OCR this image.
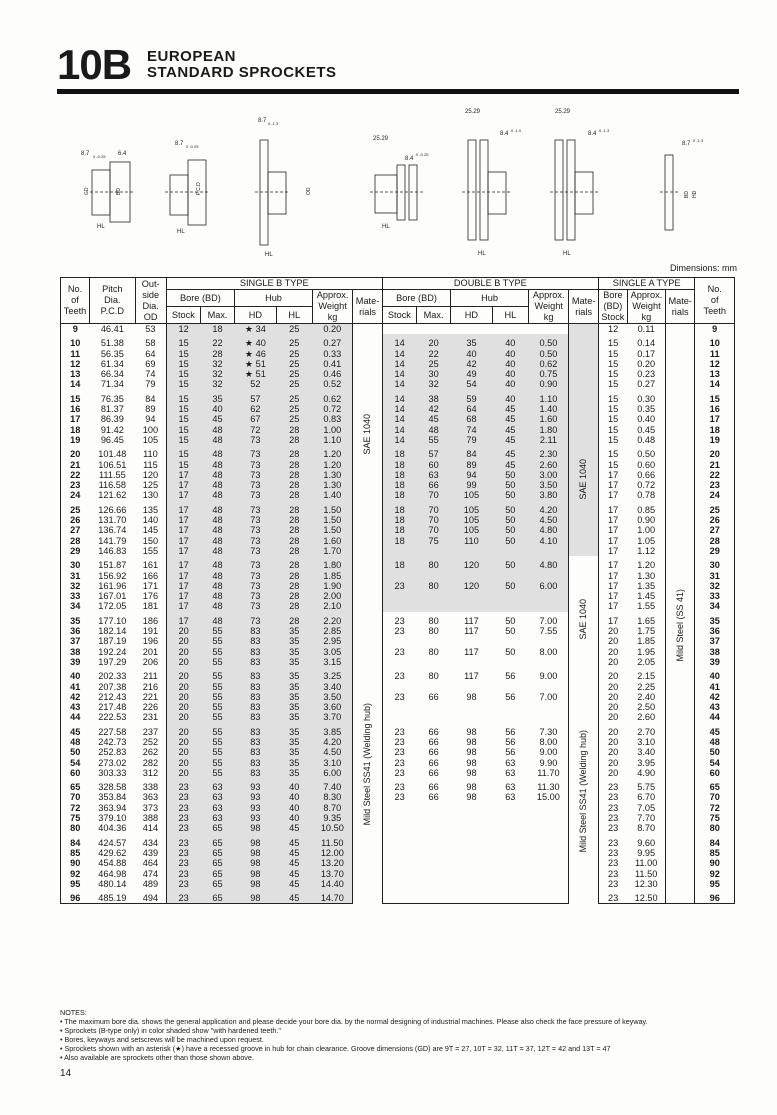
10B EUROPEAN
STANDARD SPROCKETS
8.7 0 -0.25 6.4
HL
BD
GD
8.7 0 -0.25
HL
P.C.D
8.7 0 -1.3
HL
OD
25.29
8.4
0 -0.25
HL
25.29
8.4
0 -1.0
HL
25.29
8.4
0 -1.3
HL
8.7
0 -1.3
BD HD
Dimensions: mm
No.
of
Teeth	Pitch
Dia.
P.C.D	Out-
side
Dia.
OD	SINGLE B TYPE						DOUBLE B TYPE						SINGLE A TYPE			No.
of
Teeth
			Bore (BD)		Hub		Approx.
Weight
kg	Mate-
rials	Bore (BD)		Hub		Approx.
Weight
kg	Mate-
rials	Bore
(BD)
Stock	Approx.
Weight
kg	Mate-
rials	
			Stock	Max.	HD	HL			Stock	Max.	HD	HL						
9	46.41	53	12	18	★ 34	25	0.20	SAE 1040							12	0.11		9
10	51.38	58	15	22	★ 40	25	0.27		14	20	35	40	0.50		15	0.14		10
11	56.35	64	15	28	★ 46	25	0.33		14	22	40	40	0.50		15	0.17		11
12	61.34	69	15	32	★ 51	25	0.41		14	25	42	40	0.62		15	0.20		12
13	66.34	74	15	32	★ 51	25	0.46		14	30	49	40	0.75		15	0.23		13
14	71.34	79	15	32	52	25	0.52		14	32	54	40	0.90		15	0.27		14
15	76.35	84	15	35	57	25	0.62		14	38	59	40	1.10		15	0.30		15
16	81.37	89	15	40	62	25	0.72		14	42	64	45	1.40	SAE 1040	15	0.35		16
17	86.39	94	15	45	67	25	0.83		14	45	68	45	1.60		15	0.40		17
18	91.42	100	15	48	72	28	1.00		14	48	74	45	1.80		15	0.45		18
19	96.45	105	15	48	73	28	1.10		14	55	79	45	2.11		15	0.48		19
20	101.48	110	15	48	73	28	1.20		18	57	84	45	2.30		15	0.50		20
21	106.51	115	15	48	73	28	1.20		18	60	89	45	2.60		15	0.60		21
22	111.55	120	17	48	73	28	1.30		18	63	94	50	3.00		17	0.66		22
23	116.58	125	17	48	73	28	1.30		18	66	99	50	3.50		17	0.72		23
24	121.62	130	17	48	73	28	1.40		18	70	105	50	3.80		17	0.78		24
25	126.66	135	17	48	73	28	1.50		18	70	105	50	4.20		17	0.85		25
26	131.70	140	17	48	73	28	1.50		18	70	105	50	4.50		17	0.90		26
27	136.74	145	17	48	73	28	1.50		18	70	105	50	4.80		17	1.00		27
28	141.79	150	17	48	73	28	1.60		18	75	110	50	4.10		17	1.05		28
29	146.83	155	17	48	73	28	1.70								17	1.12		29
30	151.87	161	17	48	73	28	1.80		18	80	120	50	4.80	SAE 1040	17	1.20	Mild Steel (SS 41)	30
31	156.92	166	17	48	73	28	1.85								17	1.30		31
32	161.96	171	17	48	73	28	1.90		23	80	120	50	6.00		17	1.35		32
33	167.01	176	17	48	73	28	2.00								17	1.45		33
34	172.05	181	17	48	73	28	2.10								17	1.55		34
35	177.10	186	17	48	73	28	2.20		23	80	117	50	7.00		17	1.65		35
36	182.14	191	20	55	83	35	2.85	Mild Steel SS41 (Welding hub)	23	80	117	50	7.55		20	1.75		36
37	187.19	196	20	55	83	35	2.95								20	1.85		37
38	192.24	201	20	55	83	35	3.05		23	80	117	50	8.00		20	1.95		38
39	197.29	206	20	55	83	35	3.15								20	2.05		39
40	202.33	211	20	55	83	35	3.25		23	80	117	56	9.00		20	2.15		40
41	207.38	216	20	55	83	35	3.40							Mild Steel SS41 (Welding hub)	20	2.25		41
42	212.43	221	20	55	83	35	3.50		23	66	98	56	7.00		20	2.40		42
43	217.48	226	20	55	83	35	3.60								20	2.50		43
44	222.53	231	20	55	83	35	3.70								20	2.60		44
45	227.58	237	20	55	83	35	3.85		23	66	98	56	7.30		20	2.70		45
48	242.73	252	20	55	83	35	4.20		23	66	98	56	8.00		20	3.10		48
50	252.83	262	20	55	83	35	4.50		23	66	98	56	9.00		20	3.40		50
54	273.02	282	20	55	83	35	3.10		23	66	98	63	9.90		20	3.95		54
60	303.33	312	20	55	83	35	6.00		23	66	98	63	11.70		20	4.90		60
65	328.58	338	23	63	93	40	7.40		23	66	98	63	11.30		23	5.75		65
70	353.84	363	23	63	93	40	8.30		23	66	98	63	15.00		23	6.70		70
72	363.94	373	23	63	93	40	8.70								23	7.05		72
75	379.10	388	23	63	93	40	9.35								23	7.70		75
80	404.36	414	23	65	98	45	10.50								23	8.70		80
84	424.57	434	23	65	98	45	11.50								23	9.60		84
85	429.62	439	23	65	98	45	12.00								23	9.95		85
90	454.88	464	23	65	98	45	13.20								23	11.00		90
92	464.98	474	23	65	98	45	13.70								23	11.50		92
95	480.14	489	23	65	98	45	14.40								23	12.30		95
96	485.19	494	23	65	98	45	14.70								23	12.50		96

NOTES:

• The maximum bore dia. shows the general application and please decide your bore dia. by the normal designing of industrial machines. Please also check the face pressure of keyway.

• Sprockets (B-type only) in color shaded show "with hardened teeth."

• Bores, keyways and setscrews will be machined upon request.

• Sprockets shown with an asterisk (★) have a recessed groove in hub for chain clearance. Groove dimensions (GD) are 9T = 27, 10T = 32, 11T = 37, 12T = 42 and 13T = 47

• Also available are sprockets other than those shown above.

14
